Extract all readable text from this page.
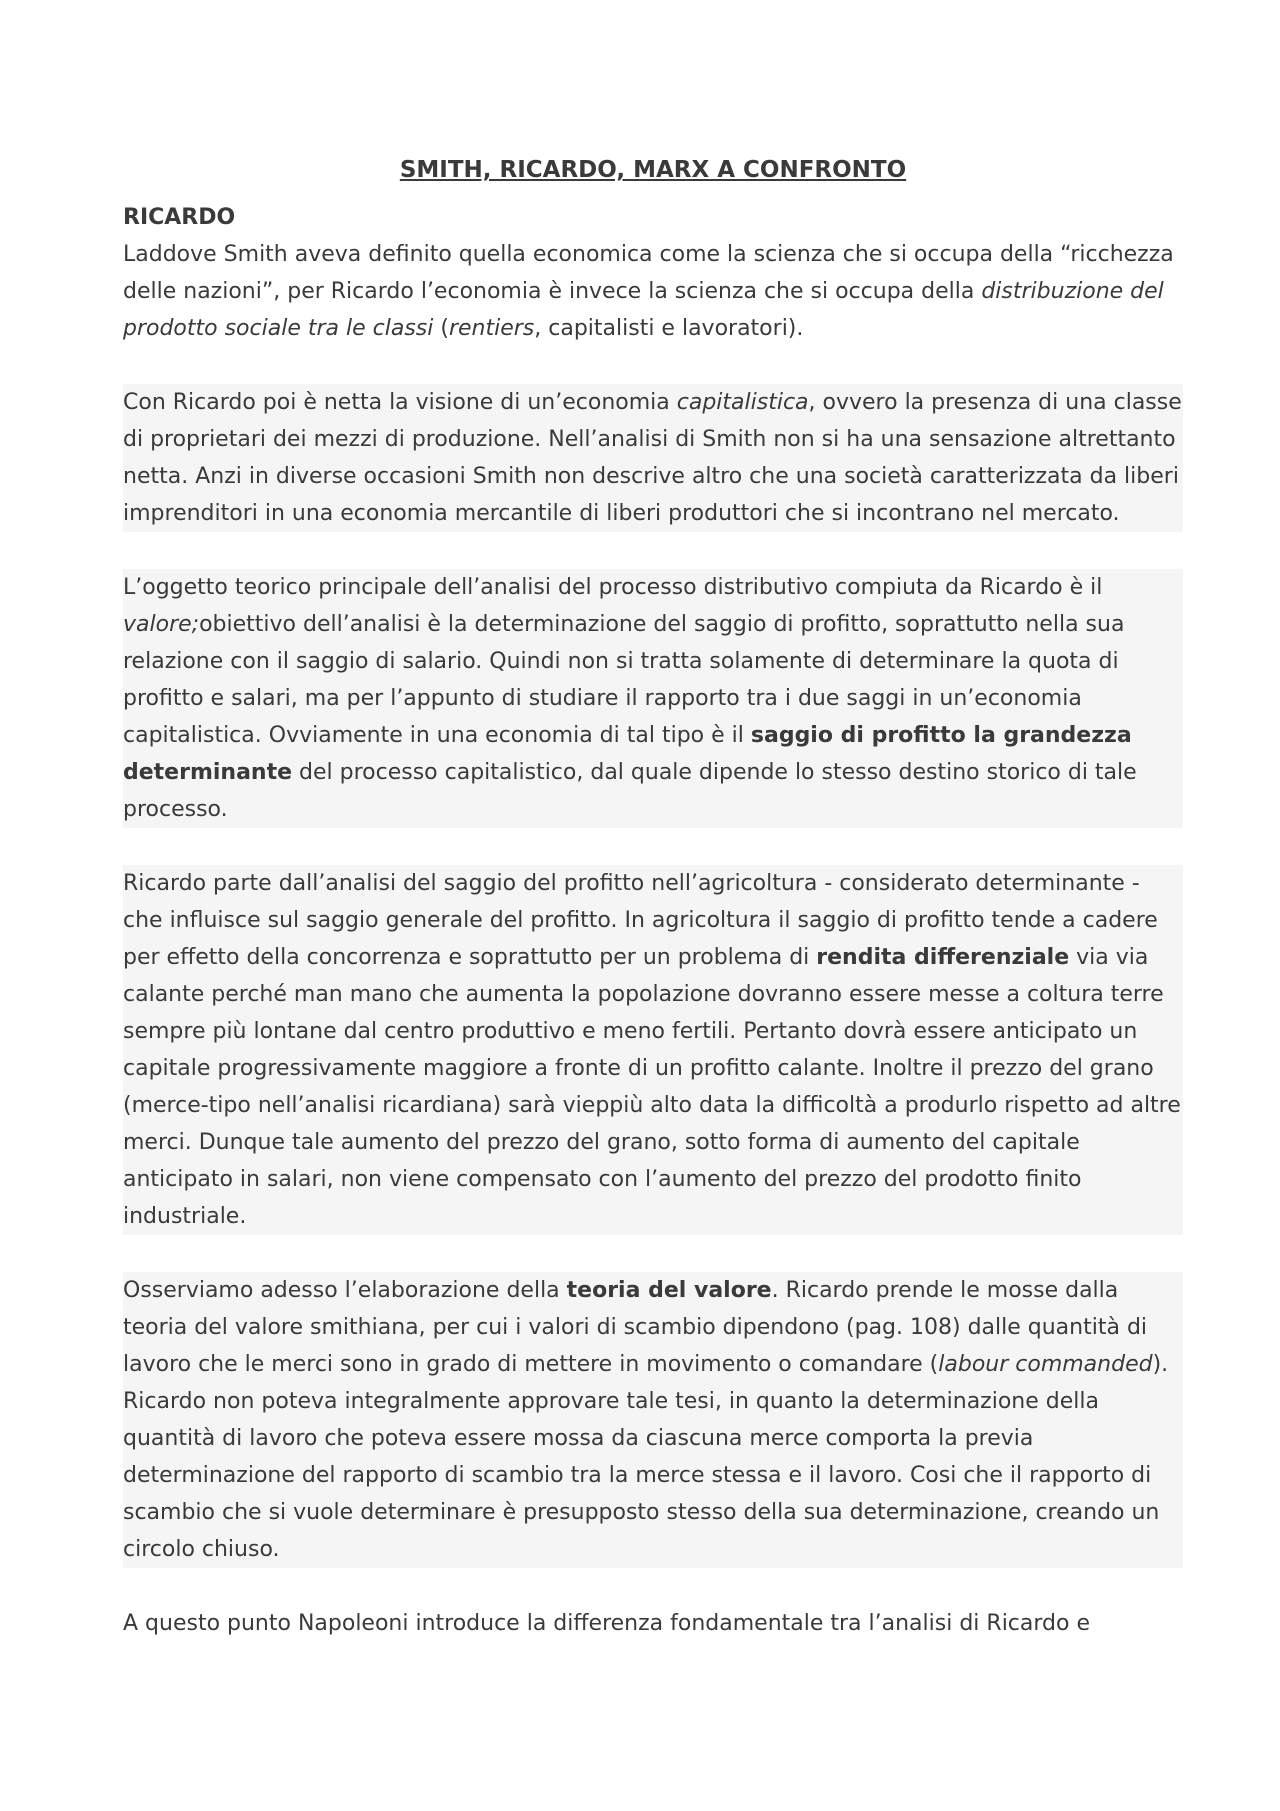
SMITH, RICARDO, MARX A CONFRONTO
RICARDO

Laddove Smith aveva definito quella economica come la scienza che si occupa della “ricchezza delle nazioni”, per Ricardo l’economia è invece la scienza che si occupa della distribuzione del prodotto sociale tra le classi (rentiers, capitalisti e lavoratori).

Con Ricardo poi è netta la visione di un’economia capitalistica, ovvero la presenza di una classe di proprietari dei mezzi di produzione. Nell’analisi di Smith non si ha una sensazione altrettanto netta. Anzi in diverse occasioni Smith non descrive altro che una società caratterizzata da liberi imprenditori in una economia mercantile di liberi produttori che si incontrano nel mercato.

L’oggetto teorico principale dell’analisi del processo distributivo compiuta da Ricardo è il valore;obiettivo dell’analisi è la determinazione del saggio di profitto, soprattutto nella sua relazione con il saggio di salario. Quindi non si tratta solamente di determinare la quota di profitto e salari, ma per l’appunto di studiare il rapporto tra i due saggi in un’economia capitalistica. Ovviamente in una economia di tal tipo è il saggio di profitto la grandezza determinante del processo capitalistico, dal quale dipende lo stesso destino storico di tale processo.

Ricardo parte dall’analisi del saggio del profitto nell’agricoltura - considerato determinante - che influisce sul saggio generale del profitto. In agricoltura il saggio di profitto tende a cadere per effetto della concorrenza e soprattutto per un problema di rendita differenziale via via calante perché man mano che aumenta la popolazione dovranno essere messe a coltura terre sempre più lontane dal centro produttivo e meno fertili. Pertanto dovrà essere anticipato un capitale progressivamente maggiore a fronte di un profitto calante. Inoltre il prezzo del grano (merce-tipo nell’analisi ricardiana) sarà vieppiù alto data la difficoltà a produrlo rispetto ad altre merci. Dunque tale aumento del prezzo del grano, sotto forma di aumento del capitale anticipato in salari, non viene compensato con l’aumento del prezzo del prodotto finito industriale.

Osserviamo adesso l’elaborazione della teoria del valore. Ricardo prende le mosse dalla teoria del valore smithiana, per cui i valori di scambio dipendono (pag. 108) dalle quantità di lavoro che le merci sono in grado di mettere in movimento o comandare (labour commanded). Ricardo non poteva integralmente approvare tale tesi, in quanto la determinazione della quantità di lavoro che poteva essere mossa da ciascuna merce comporta la previa determinazione del rapporto di scambio tra la merce stessa e il lavoro. Cosi che il rapporto di scambio che si vuole determinare è presupposto stesso della sua determinazione, creando un circolo chiuso.

A questo punto Napoleoni introduce la differenza fondamentale tra l’analisi di Ricardo e
